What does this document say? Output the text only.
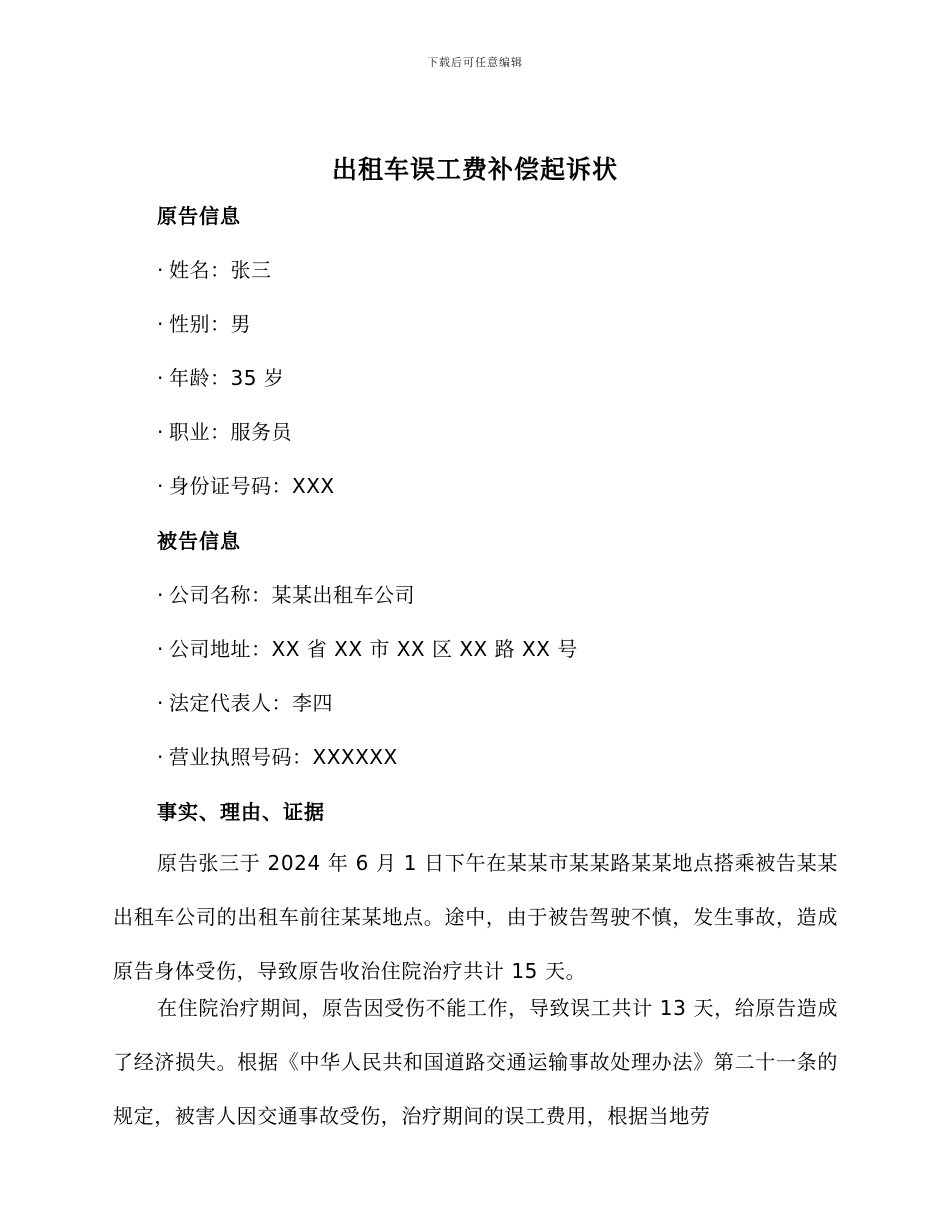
下载后可任意编辑
出租车误工费补偿起诉状
原告信息
· 姓名：张三
· 性别：男
· 年龄：35 岁
· 职业：服务员
· 身份证号码：XXX
被告信息
· 公司名称：某某出租车公司
· 公司地址：XX 省 XX 市 XX 区 XX 路 XX 号
· 法定代表人：李四
· 营业执照号码：XXXXXX
事实、理由、证据
原告张三于 2024 年 6 月 1 日下午在某某市某某路某某地点搭乘被告某某出租车公司的出租车前往某某地点。途中，由于被告驾驶不慎，发生事故，造成原告身体受伤，导致原告收治住院治疗共计 15 天。
在住院治疗期间，原告因受伤不能工作，导致误工共计 13 天，给原告造成了经济损失。根据《中华人民共和国道路交通运输事故处理办法》第二十一条的规定，被害人因交通事故受伤，治疗期间的误工费用，根据当地劳
